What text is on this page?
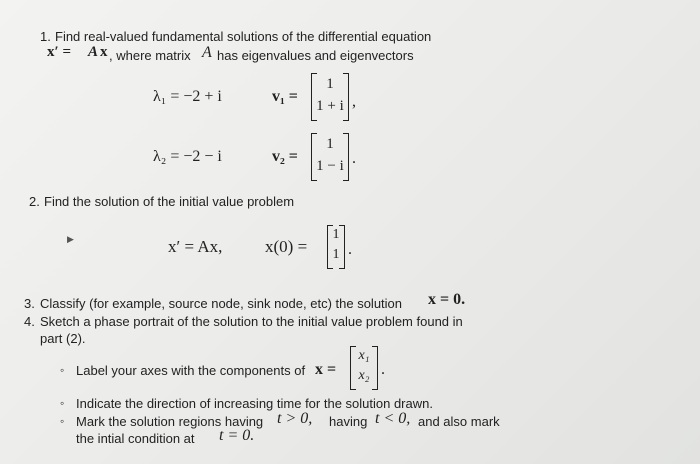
1. Find real-valued fundamental solutions of the differential equation
x′ = A x , where matrix A has eigenvalues and eigenvectors
λ₁ = −2 + i	v₁ =
1
1 + i ,
λ₂ = −2 − i	v₂ =
1
1 − i .
2. Find the solution of the initial value problem
▶	x′ = Ax,	x(0) =
1
1 .
3. Classify (for example, source node, sink node, etc) the solution x = 0.
4. Sketch a phase portrait of the solution to the initial value problem found in
part (2).
◦ Label your axes with the components of x =
x₁
x₂ .
◦ Indicate the direction of increasing time for the solution drawn.
◦ Mark the solution regions having t > 0, having t < 0, and also mark
the intial condition at t = 0.
